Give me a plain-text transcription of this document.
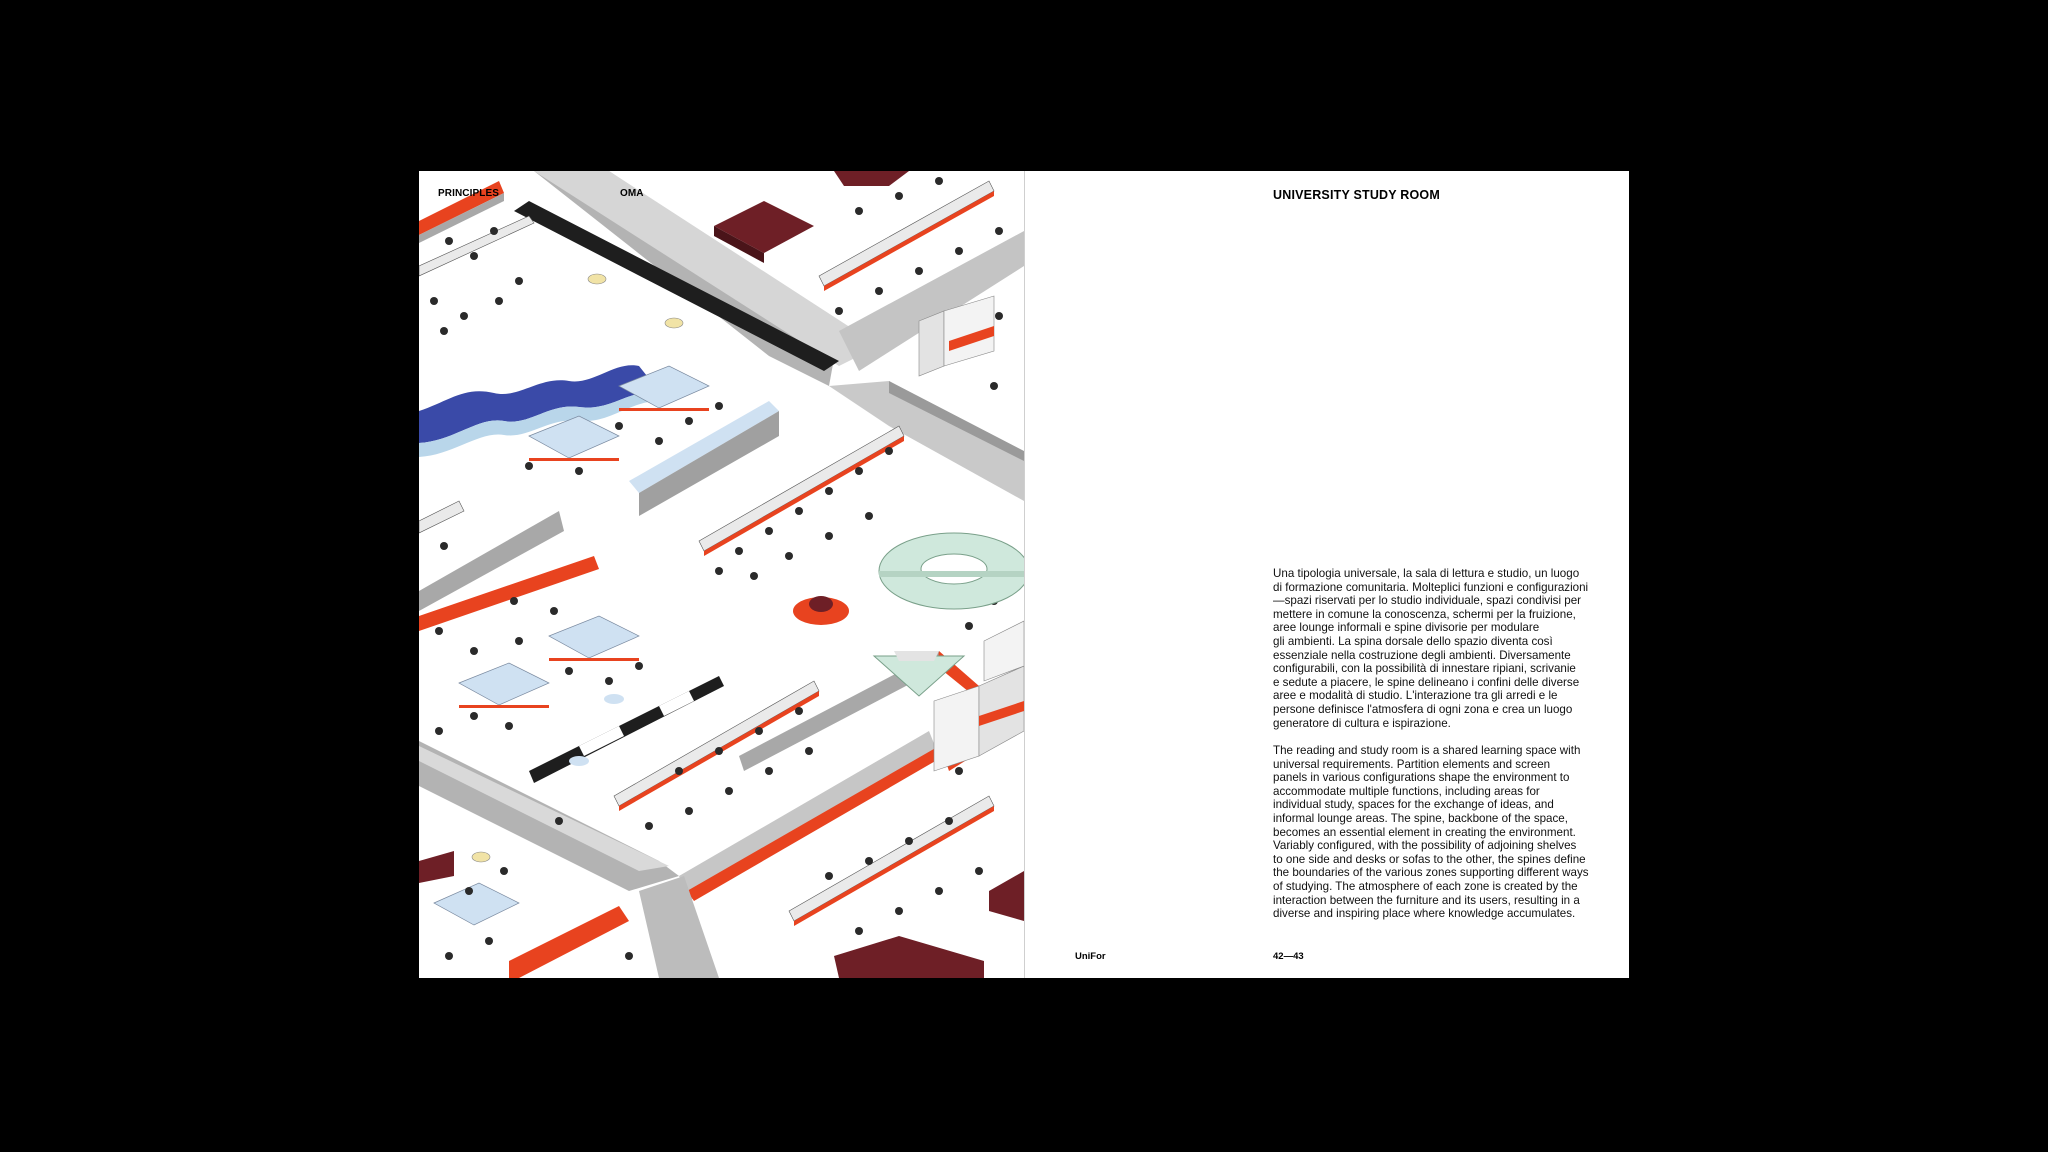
PRINCIPLES	OMA	UNIVERSITY STUDY ROOM

Una tipologia universale, la sala di lettura e studio, un luogo
di formazione comunitaria. Molteplici funzioni e configurazioni
—spazi riservati per lo studio individuale, spazi condivisi per
mettere in comune la conoscenza, schermi per la fruizione,
aree lounge informali e spine divisorie per modulare
gli ambienti. La spina dorsale dello spazio diventa così
essenziale nella costruzione degli ambienti. Diversamente
configurabili, con la possibilità di innestare ripiani, scrivanie
e sedute a piacere, le spine delineano i confini delle diverse
aree e modalità di studio. L'interazione tra gli arredi e le
persone definisce l'atmosfera di ogni zona e crea un luogo
generatore di cultura e ispirazione.

The reading and study room is a shared learning space with
universal requirements. Partition elements and screen
panels in various configurations shape the environment to
accommodate multiple functions, including areas for
individual study, spaces for the exchange of ideas, and
informal lounge areas. The spine, backbone of the space,
becomes an essential element in creating the environment.
Variably configured, with the possibility of adjoining shelves
to one side and desks or sofas to the other, the spines define
the boundaries of the various zones supporting different ways
of studying. The atmosphere of each zone is created by the
interaction between the furniture and its users, resulting in a
diverse and inspiring place where knowledge accumulates.

UniFor	42—43
